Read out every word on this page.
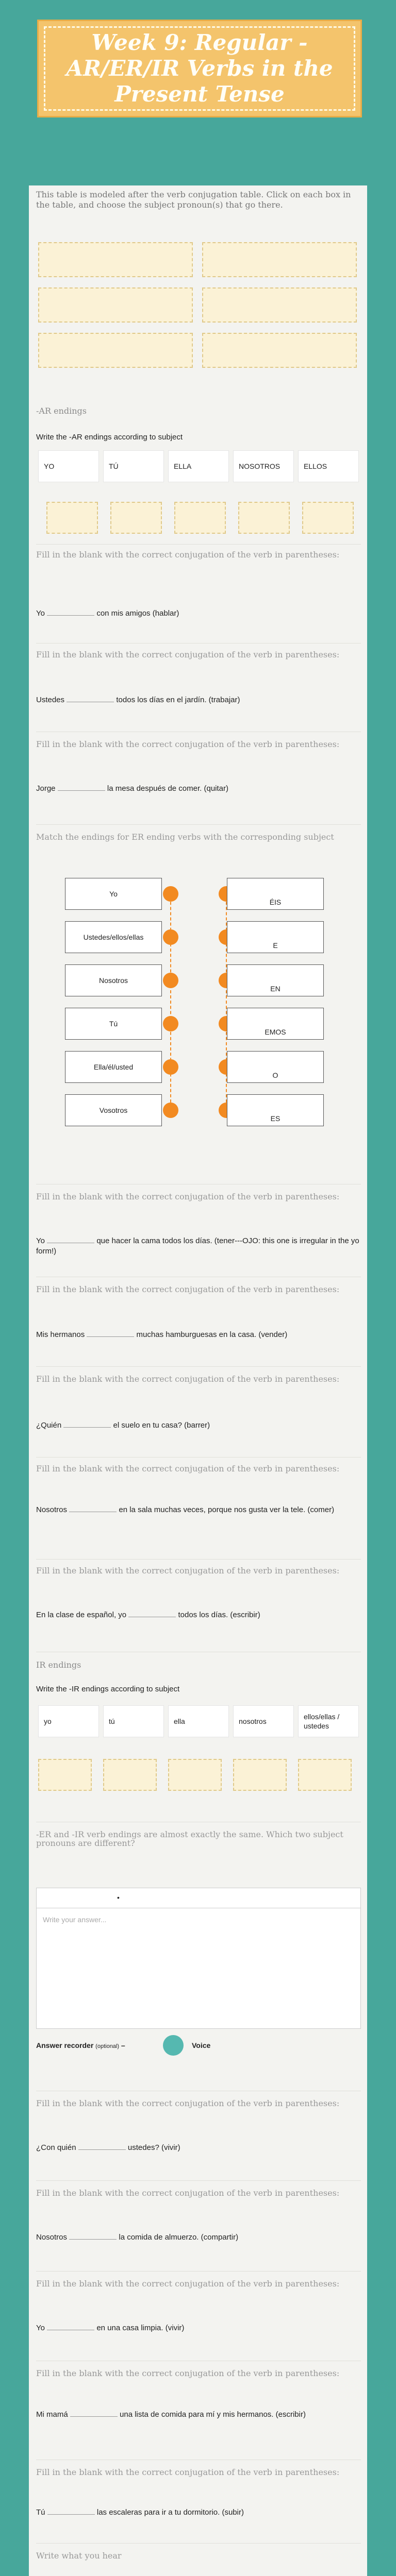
Week 9: Regular - AR/ER/IR Verbs in the Present Tense
This table is modeled after the verb conjugation table. Click on each box in the table, and choose the subject pronoun(s) that go there.
-AR endings
Write the -AR endings according to subject
YO	TÚ	ELLA	NOSOTROS	ELLOS
Fill in the blank with the correct conjugation of the verb in parentheses:
Yo	con mis amigos (hablar)
Fill in the blank with the correct conjugation of the verb in parentheses:
Ustedes	todos los días en el jardín. (trabajar)
Fill in the blank with the correct conjugation of the verb in parentheses:
Jorge	la mesa después de comer. (quitar)
Match the endings for ER ending verbs with the corresponding subject
Yo
Ustedes/ellos/ellas
Nosotros
Tú
Ella/él/usted
Vosotros
ÉIS
E
EN
EMOS
O
ES
Fill in the blank with the correct conjugation of the verb in parentheses:
Yo	que hacer la cama todos los días. (tener---OJO: this one is irregular in the yo form!)
Fill in the blank with the correct conjugation of the verb in parentheses:
Mis hermanos	muchas hamburguesas en la casa. (vender)
Fill in the blank with the correct conjugation of the verb in parentheses:
¿Quién	el suelo en tu casa? (barrer)
Fill in the blank with the correct conjugation of the verb in parentheses:
Nosotros	en la sala muchas veces, porque nos gusta ver la tele. (comer)
Fill in the blank with the correct conjugation of the verb in parentheses:
En la clase de español, yo	todos los días. (escribir)
IR endings
Write the -IR endings according to subject
yo	tú	ella	nosotros
ellos/ellas / ustedes
-ER and -IR verb endings are almost exactly the same. Which two subject pronouns are different?
•
Write your answer...
Answer recorder (optional) –	Voice
Fill in the blank with the correct conjugation of the verb in parentheses:
¿Con quién	ustedes? (vivir)
Fill in the blank with the correct conjugation of the verb in parentheses:
Nosotros	la comida de almuerzo. (compartir)
Fill in the blank with the correct conjugation of the verb in parentheses:
Yo	en una casa limpia. (vivir)
Fill in the blank with the correct conjugation of the verb in parentheses:
Mi mamá	una lista de comida para mí y mis hermanos. (escribir)
Fill in the blank with the correct conjugation of the verb in parentheses:
Tú	las escaleras para ir a tu dormitorio. (subir)
Write what you hear
